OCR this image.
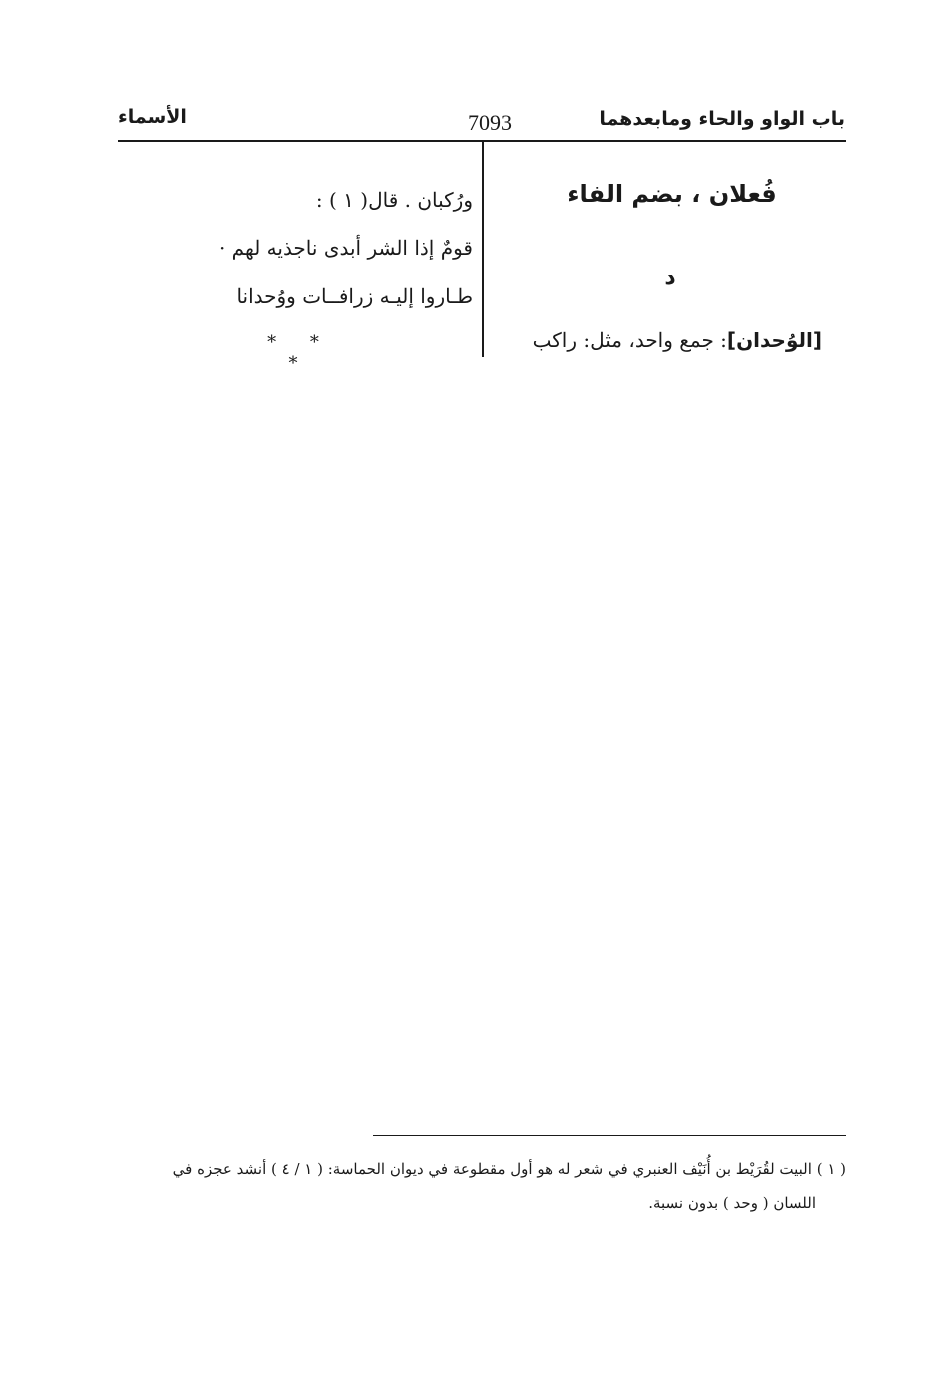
باب الواو والحاء ومابعدهما
7093
الأسماء
فُعلان ، بضم الفاء
د
[الوُحدان]: جمع واحد، مثل: راكب
ورُكبان . قال( ١ ) :
قومٌ إذا الشر أبدى ناجذيه لهم ·
طـاروا إليـه زرافــات ووُحدانا
* * *
( ١ ) البيت لقُرَيْط بن أُنَيْف العنبري في شعر له هو أول مقطوعة في ديوان الحماسة: ( ١ / ٤ ) أنشد عجزه في
اللسان ( وحد ) بدون نسبة.
